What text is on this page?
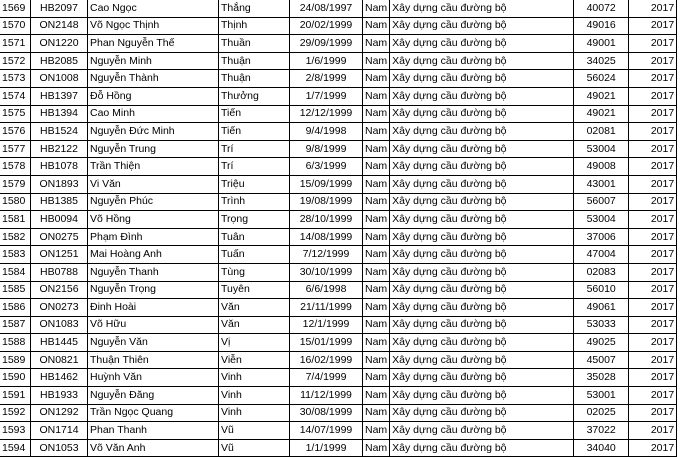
1569	HB2097	Cao Ngọc	Thắng	24/08/1997	Nam	Xây dựng cầu đường bộ	40072	2017
1570	ON2148	Võ Ngọc Thịnh	Thịnh	20/02/1999	Nam	Xây dựng cầu đường bộ	49016	2017
1571	ON1220	Phan Nguyễn Thế	Thuần	29/09/1999	Nam	Xây dựng cầu đường bộ	49001	2017
1572	HB2085	Nguyễn Minh	Thuận	1/6/1999	Nam	Xây dựng cầu đường bộ	34025	2017
1573	ON1008	Nguyễn Thành	Thuận	2/8/1999	Nam	Xây dựng cầu đường bộ	56024	2017
1574	HB1397	Đỗ Hồng	Thưởng	1/7/1999	Nam	Xây dựng cầu đường bộ	49021	2017
1575	HB1394	Cao Minh	Tiến	12/12/1999	Nam	Xây dựng cầu đường bộ	49021	2017
1576	HB1524	Nguyễn Đức Minh	Tiến	9/4/1998	Nam	Xây dựng cầu đường bộ	02081	2017
1577	HB2122	Nguyễn Trung	Trí	9/8/1999	Nam	Xây dựng cầu đường bộ	53004	2017
1578	HB1078	Trần Thiện	Trí	6/3/1999	Nam	Xây dựng cầu đường bộ	49008	2017
1579	ON1893	Vi Văn	Triệu	15/09/1999	Nam	Xây dựng cầu đường bộ	43001	2017
1580	HB1385	Nguyễn Phúc	Trình	19/08/1999	Nam	Xây dựng cầu đường bộ	56007	2017
1581	HB0094	Võ Hồng	Trọng	28/10/1999	Nam	Xây dựng cầu đường bộ	53004	2017
1582	ON0275	Phạm Đình	Tuân	14/08/1999	Nam	Xây dựng cầu đường bộ	37006	2017
1583	ON1251	Mai Hoàng Anh	Tuấn	7/12/1999	Nam	Xây dựng cầu đường bộ	47004	2017
1584	HB0788	Nguyễn Thanh	Tùng	30/10/1999	Nam	Xây dựng cầu đường bộ	02083	2017
1585	ON2156	Nguyễn Trọng	Tuyên	6/6/1998	Nam	Xây dựng cầu đường bộ	56010	2017
1586	ON0273	Đinh Hoài	Văn	21/11/1999	Nam	Xây dựng cầu đường bộ	49061	2017
1587	ON1083	Võ Hữu	Văn	12/1/1999	Nam	Xây dựng cầu đường bộ	53033	2017
1588	HB1445	Nguyễn Văn	Vị	15/01/1999	Nam	Xây dựng cầu đường bộ	49025	2017
1589	ON0821	Thuận Thiên	Viễn	16/02/1999	Nam	Xây dựng cầu đường bộ	45007	2017
1590	HB1462	Huỳnh Văn	Vinh	7/4/1999	Nam	Xây dựng cầu đường bộ	35028	2017
1591	HB1933	Nguyễn Đăng	Vinh	11/12/1999	Nam	Xây dựng cầu đường bộ	53001	2017
1592	ON1292	Trần Ngọc Quang	Vinh	30/08/1999	Nam	Xây dựng cầu đường bộ	02025	2017
1593	ON1714	Phan Thanh	Vũ	14/07/1999	Nam	Xây dựng cầu đường bộ	37022	2017
1594	ON1053	Võ Văn Anh	Vũ	1/1/1999	Nam	Xây dựng cầu đường bộ	34040	2017
